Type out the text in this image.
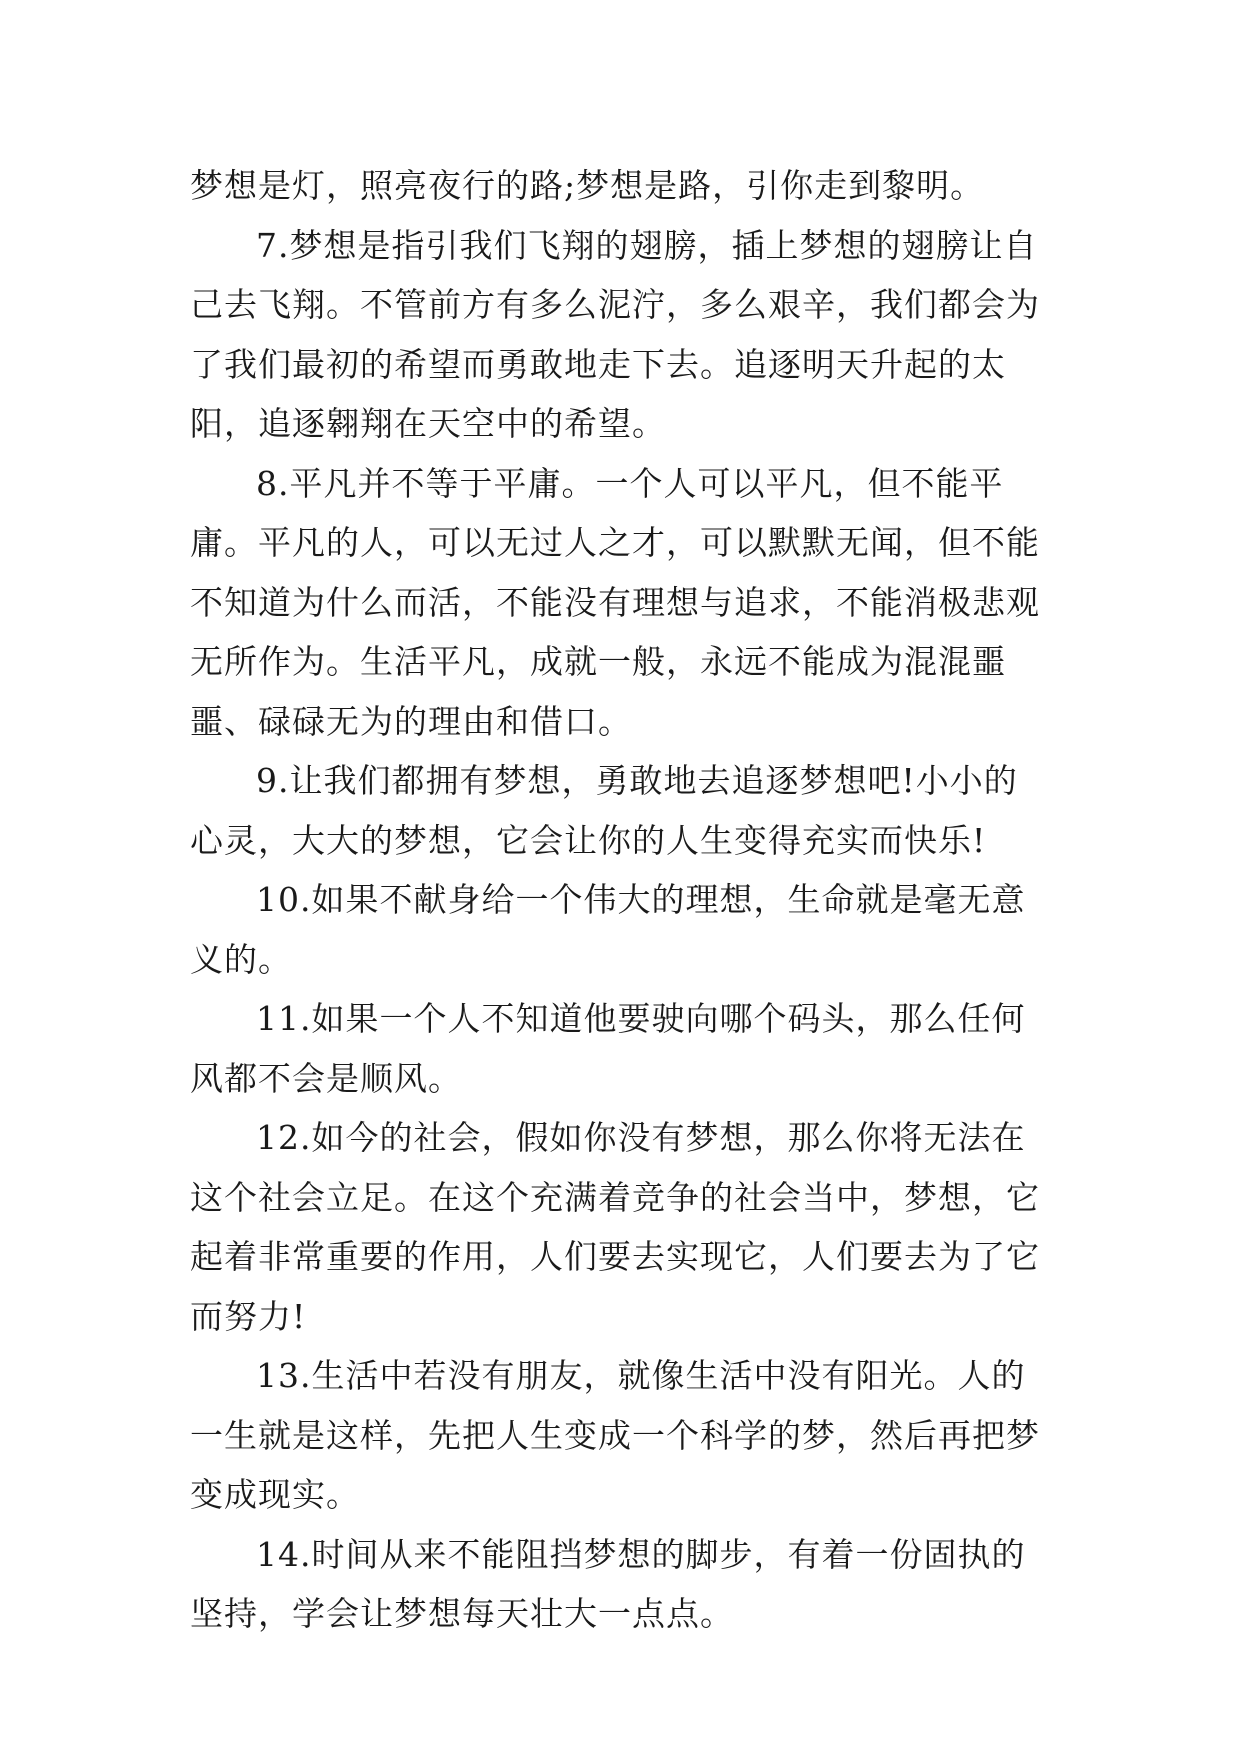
梦想是灯，照亮夜行的路;梦想是路，引你走到黎明。

7.梦想是指引我们飞翔的翅膀，插上梦想的翅膀让自己去飞翔。不管前方有多么泥泞，多么艰辛，我们都会为了我们最初的希望而勇敢地走下去。追逐明天升起的太阳，追逐翱翔在天空中的希望。

8.平凡并不等于平庸。一个人可以平凡，但不能平庸。平凡的人，可以无过人之才，可以默默无闻，但不能不知道为什么而活，不能没有理想与追求，不能消极悲观无所作为。生活平凡，成就一般，永远不能成为混混噩噩、碌碌无为的理由和借口。

9.让我们都拥有梦想，勇敢地去追逐梦想吧!小小的心灵，大大的梦想，它会让你的人生变得充实而快乐!

10.如果不献身给一个伟大的理想，生命就是毫无意义的。

11.如果一个人不知道他要驶向哪个码头，那么任何风都不会是顺风。

12.如今的社会，假如你没有梦想，那么你将无法在这个社会立足。在这个充满着竞争的社会当中，梦想，它起着非常重要的作用，人们要去实现它，人们要去为了它而努力!

13.生活中若没有朋友，就像生活中没有阳光。人的一生就是这样，先把人生变成一个科学的梦，然后再把梦变成现实。

14.时间从来不能阻挡梦想的脚步，有着一份固执的坚持，学会让梦想每天壮大一点点。
